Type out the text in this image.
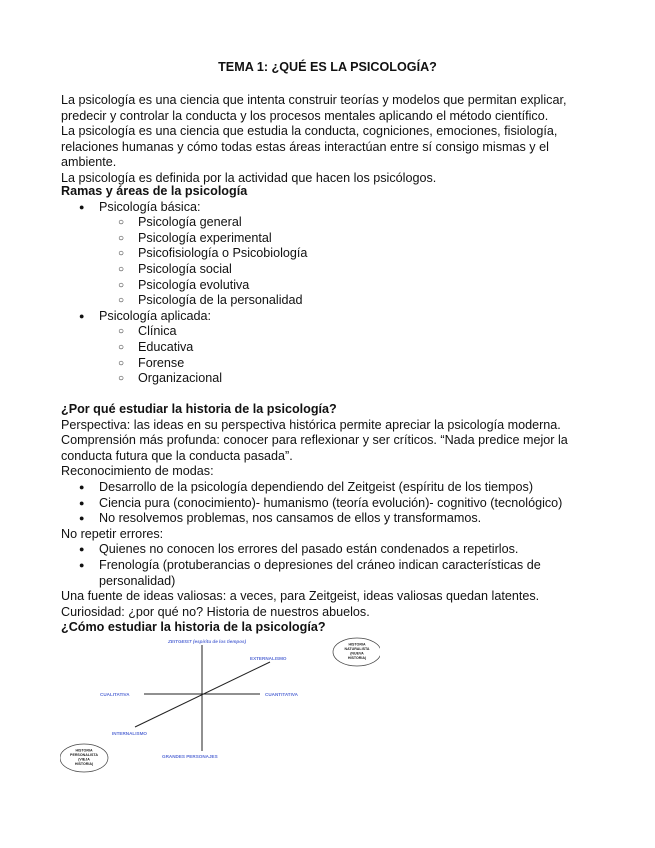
TEMA 1: ¿QUÉ ES LA PSICOLOGÍA?

La psicología es una ciencia que intenta construir teorías y modelos que permitan explicar, predecir y controlar la conducta y los procesos mentales aplicando el método científico.

La psicología es una ciencia que estudia la conducta, cogniciones, emociones, fisiología, relaciones humanas y cómo todas estas áreas interactúan entre sí consigo mismas y el ambiente.

La psicología es definida por la actividad que hacen los psicólogos.

Ramas y áreas de la psicología
● Psicología básica:
○ Psicología general
○ Psicología experimental
○ Psicofisiología o Psicobiología
○ Psicología social
○ Psicología evolutiva
○ Psicología de la personalidad
● Psicología aplicada:
○ Clínica
○ Educativa
○ Forense
○ Organizacional
¿Por qué estudiar la historia de la psicología?

Perspectiva: las ideas en su perspectiva histórica permite apreciar la psicología moderna.

Comprensión más profunda: conocer para reflexionar y ser críticos. “Nada predice mejor la conducta futura que la conducta pasada”.

Reconocimiento de modas:

● Desarrollo de la psicología dependiendo del Zeitgeist (espíritu de los tiempos)
● Ciencia pura (conocimiento)- humanismo (teoría evolución)- cognitivo (tecnológico)
● No resolvemos problemas, nos cansamos de ellos y transformamos.

No repetir errores:

● Quienes no conocen los errores del pasado están condenados a repetirlos.
● Frenología (protuberancias o depresiones del cráneo indican características de personalidad)

Una fuente de ideas valiosas: a veces, para Zeitgeist, ideas valiosas quedan latentes.

Curiosidad: ¿por qué no? Historia de nuestros abuelos.

¿Cómo estudiar la historia de la psicología?
ZEITGEIST (espíritu de los tiempos)
EXTERNALISMO
CUALITATIVA	CUANTITATIVA
INTERNALISMO
GRANDES PERSONAJES
HISTORIA
NATURALISTA
(NUEVA
HISTORIA)
HISTORIA
PERSONALISTA
(VIEJA
HISTORIA)
